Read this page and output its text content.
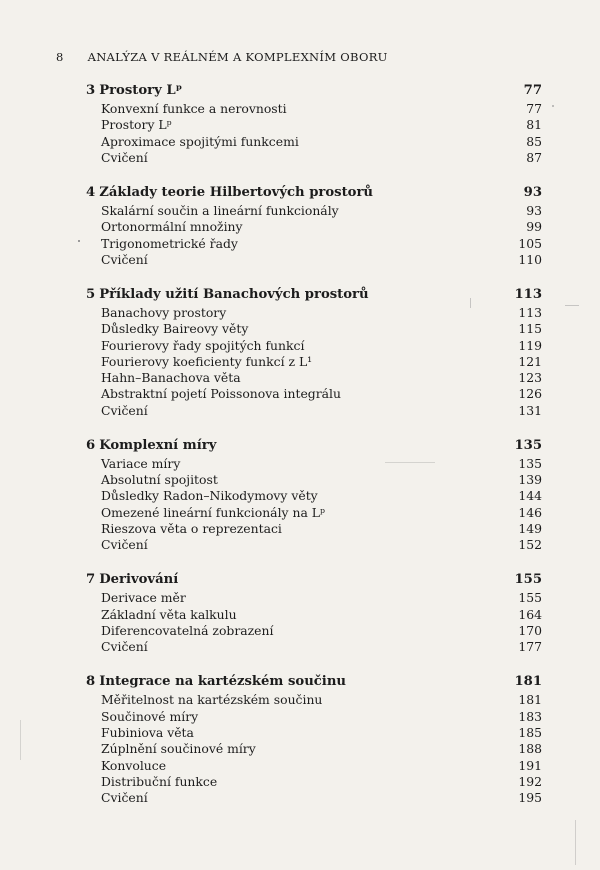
8 ANALÝZA V REÁLNÉM A KOMPLEXNÍM OBORU
3 Prostory Lᵖ	77
Konvexní funkce a nerovnosti	77
Prostory Lᵖ	81
Aproximace spojitými funkcemi	85
Cvičení	87
4 Základy teorie Hilbertových prostorů	93
Skalární součin a lineární funkcionály	93
Ortonormální množiny	99
Trigonometrické řady	105
Cvičení	110
5 Příklady užití Banachových prostorů	113
Banachovy prostory	113
Důsledky Baireovy věty	115
Fourierovy řady spojitých funkcí	119
Fourierovy koeficienty funkcí z L¹	121
Hahn–Banachova věta	123
Abstraktní pojetí Poissonova integrálu	126
Cvičení	131
6 Komplexní míry	135
Variace míry	135
Absolutní spojitost	139
Důsledky Radon–Nikodymovy věty	144
Omezené lineární funkcionály na Lᵖ	146
Rieszova věta o reprezentaci	149
Cvičení	152
7 Derivování	155
Derivace měr	155
Základní věta kalkulu	164
Diferencovatelná zobrazení	170
Cvičení	177
8 Integrace na kartézském součinu	181
Měřitelnost na kartézském součinu	181
Součinové míry	183
Fubiniova věta	185
Zúplnění součinové míry	188
Konvoluce	191
Distribuční funkce	192
Cvičení	195
